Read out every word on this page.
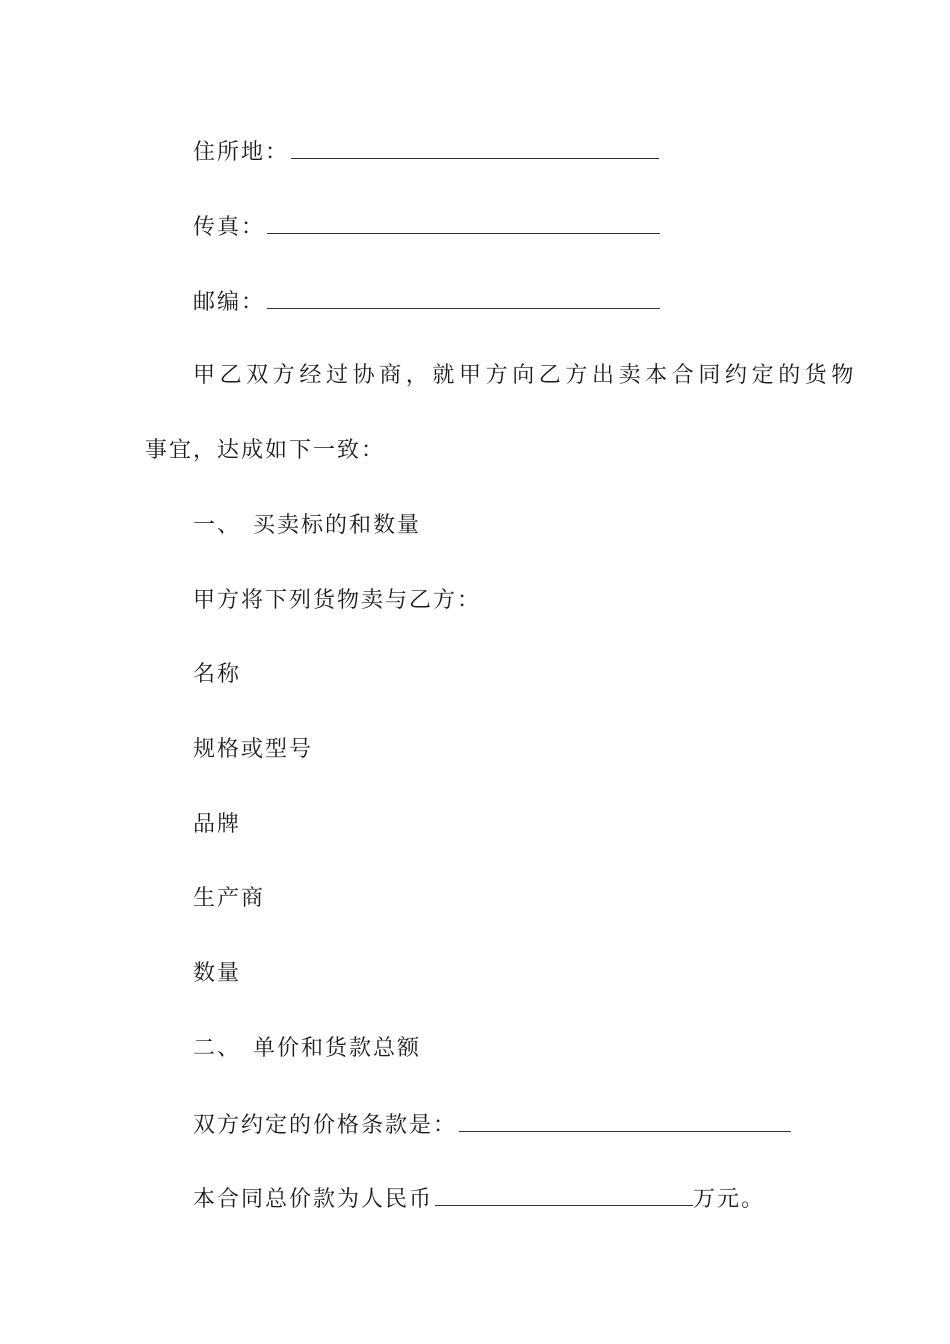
住所地：
传真：
邮编：
甲乙双方经过协商，就甲方向乙方出卖本合同约定的货物
事宜，达成如下一致：
一、 买卖标的和数量
甲方将下列货物卖与乙方：
名称
规格或型号
品牌
生产商
数量
二、 单价和货款总额
双方约定的价格条款是：
本合同总价款为人民币	万元。
